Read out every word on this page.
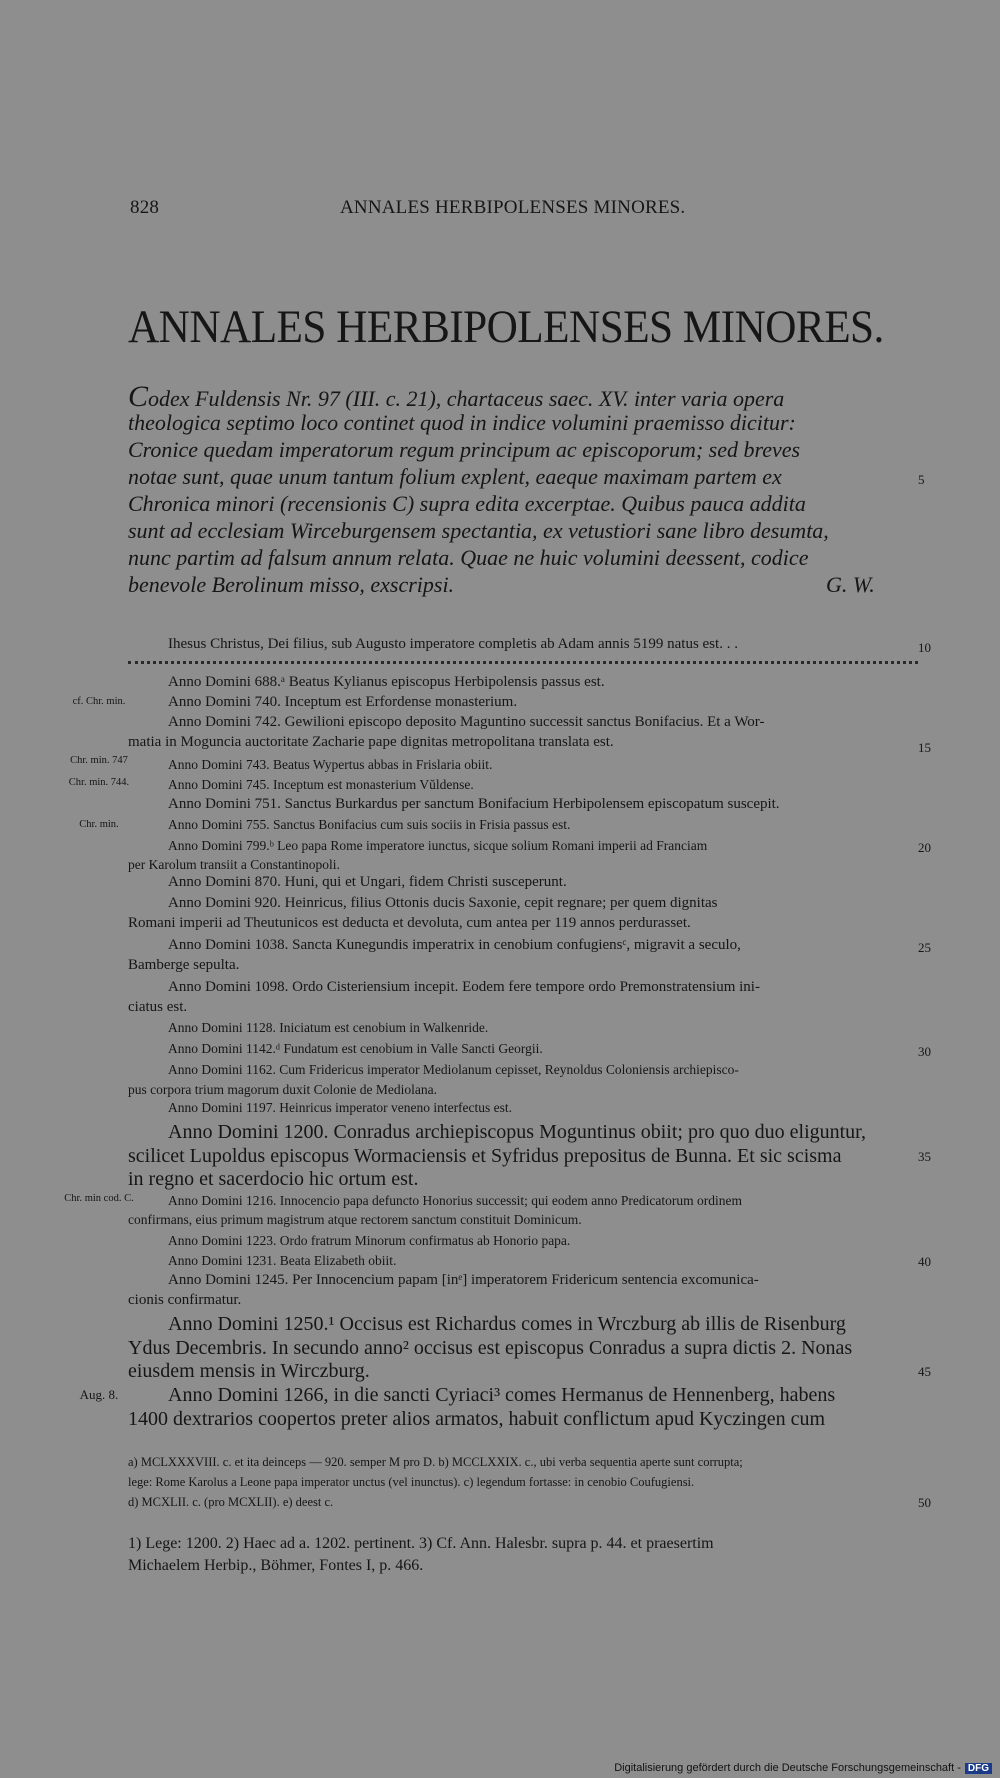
828	ANNALES HERBIPOLENSES MINORES.
ANNALES HERBIPOLENSES MINORES.
Codex Fuldensis Nr. 97 (III. c. 21), chartaceus saec. XV. inter varia opera
theologica septimo loco continet quod in indice volumini praemisso dicitur:
Cronice quedam imperatorum regum principum ac episcoporum; sed breves
notae sunt, quae unum tantum folium explent, eaeque maximam partem ex
Chronica minori (recensionis C) supra edita excerptae. Quibus pauca addita
sunt ad ecclesiam Wirceburgensem spectantia, ex vetustiori sane libro desumta,
nunc partim ad falsum annum relata. Quae ne huic volumini deessent, codice
benevole Berolinum misso, exscripsi.	G. W.
Ihesus Christus, Dei filius, sub Augusto imperatore completis ab Adam annis 5199 natus est. . .
Anno Domini 688.ᵃ Beatus Kylianus episcopus Herbipolensis passus est.
Anno Domini 740. Inceptum est Erfordense monasterium.
Anno Domini 742. Gewilioni episcopo deposito Maguntino successit sanctus Bonifacius. Et a Wor-
matia in Moguncia auctoritate Zacharie pape dignitas metropolitana translata est.
Anno Domini 743. Beatus Wypertus abbas in Frislaria obiit.
Anno Domini 745. Inceptum est monasterium Vŭldense.
Anno Domini 751. Sanctus Burkardus per sanctum Bonifacium Herbipolensem episcopatum suscepit.
Anno Domini 755. Sanctus Bonifacius cum suis sociis in Frisia passus est.
Anno Domini 799.ᵇ Leo papa Rome imperatore iunctus, sicque solium Romani imperii ad Franciam
per Karolum transiit a Constantinopoli.
Anno Domini 870. Huni, qui et Ungari, fidem Christi susceperunt.
Anno Domini 920. Heinricus, filius Ottonis ducis Saxonie, cepit regnare; per quem dignitas
Romani imperii ad Theutunicos est deducta et devoluta, cum antea per 119 annos perdurasset.
Anno Domini 1038. Sancta Kunegundis imperatrix in cenobium confugiensᶜ, migravit a seculo,
Bamberge sepulta.
Anno Domini 1098. Ordo Cisteriensium incepit. Eodem fere tempore ordo Premonstratensium ini-
ciatus est.
Anno Domini 1128. Iniciatum est cenobium in Walkenride.
Anno Domini 1142.ᵈ Fundatum est cenobium in Valle Sancti Georgii.
Anno Domini 1162. Cum Fridericus imperator Mediolanum cepisset, Reynoldus Coloniensis archiepisco-
pus corpora trium magorum duxit Colonie de Mediolana.
Anno Domini 1197. Heinricus imperator veneno interfectus est.
Anno Domini 1200. Conradus archiepiscopus Moguntinus obiit; pro quo duo eliguntur,
scilicet Lupoldus episcopus Wormaciensis et Syfridus prepositus de Bunna. Et sic scisma
in regno et sacerdocio hic ortum est.
Anno Domini 1216. Innocencio papa defuncto Honorius successit; qui eodem anno Predicatorum ordinem
confirmans, eius primum magistrum atque rectorem sanctum constituit Dominicum.
Anno Domini 1223. Ordo fratrum Minorum confirmatus ab Honorio papa.
Anno Domini 1231. Beata Elizabeth obiit.
Anno Domini 1245. Per Innocencium papam [inᵉ] imperatorem Fridericum sentencia excomunica-
cionis confirmatur.
Anno Domini 1250.¹ Occisus est Richardus comes in Wrczburg ab illis de Risenburg
Ydus Decembris. In secundo anno² occisus est episcopus Conradus a supra dictis 2. Nonas
eiusdem mensis in Wirczburg.
Anno Domini 1266, in die sancti Cyriaci³ comes Hermanus de Hennenberg, habens
1400 dextrarios coopertos preter alios armatos, habuit conflictum apud Kyczingen cum
cf. Chr. min.
Chr. min. 747
Chr. min. 744.
Chr. min.
Chr. min cod. C.
Aug. 8.
5
10
15
20
25
30
35
40
45
50
a) MCLXXXVIII. c. et ita deinceps — 920. semper M pro D. b) MCCLXXIX. c., ubi verba sequentia aperte sunt corrupta;
lege: Rome Karolus a Leone papa imperator unctus (vel inunctus). c) legendum fortasse: in cenobio Coufugiensi.
d) MCXLII. c. (pro MCXLII). e) deest c.
1) Lege: 1200. 2) Haec ad a. 1202. pertinent. 3) Cf. Ann. Halesbr. supra p. 44. et praesertim
Michaelem Herbip., Böhmer, Fontes I, p. 466.
Digitalisierung gefördert durch die Deutsche Forschungsgemeinschaft - DFG
